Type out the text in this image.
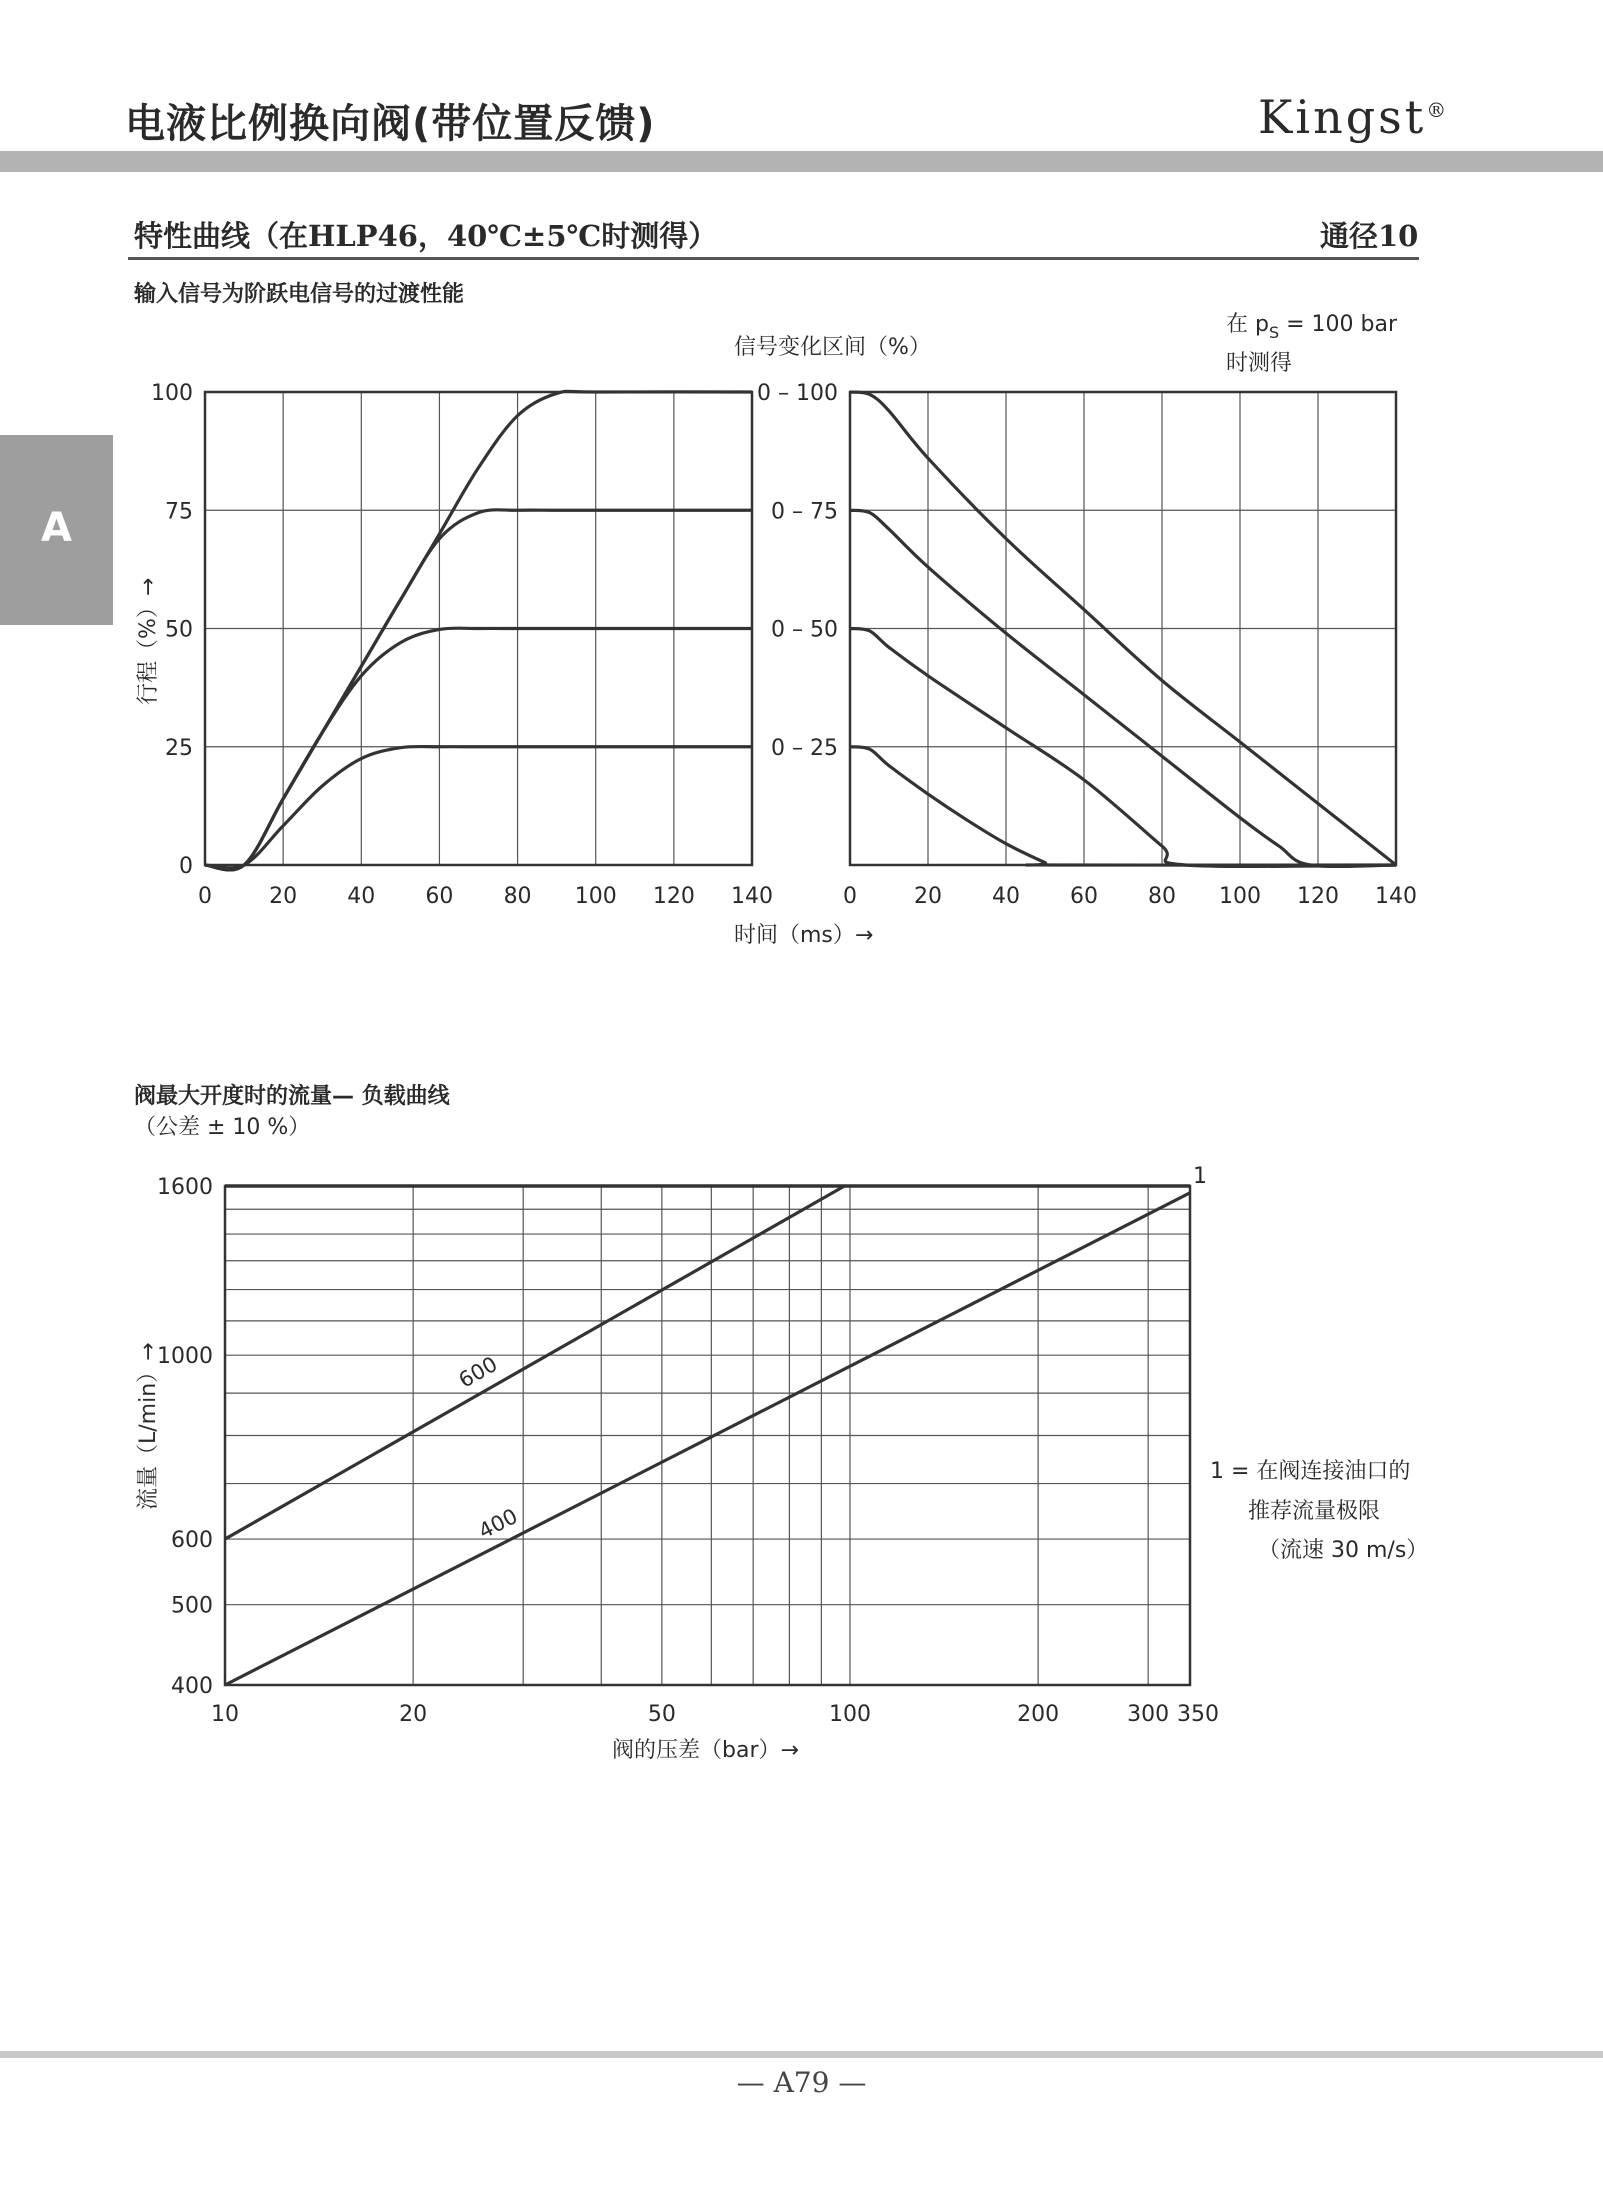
电液比例换向阀(带位置反馈)	Kingst®
A
特性曲线（在HLP46，40℃±5℃时测得）	通径10
输入信号为阶跃电信号的过渡性能
阀最大开度时的流量— 负载曲线
（公差 ± 10 %）
0	20 40 60 80 100 120 140
0
25
50
75
100
0	20 40 60 80 100 120 140
0 – 25
0 – 50
0 – 75
0 – 100
10	20	50	100	200	300 350
400
500
600
1000
1600
600
400
信号变化区间（%）
在 $p_S = 100$ bar
时测得
行程（%）→
时间（ms）→
流量（L/min）→
阀的压差（bar）→
1
1 = 在阀连接油口的
推荐流量极限
（流速 30 m/s）
— A79 —
